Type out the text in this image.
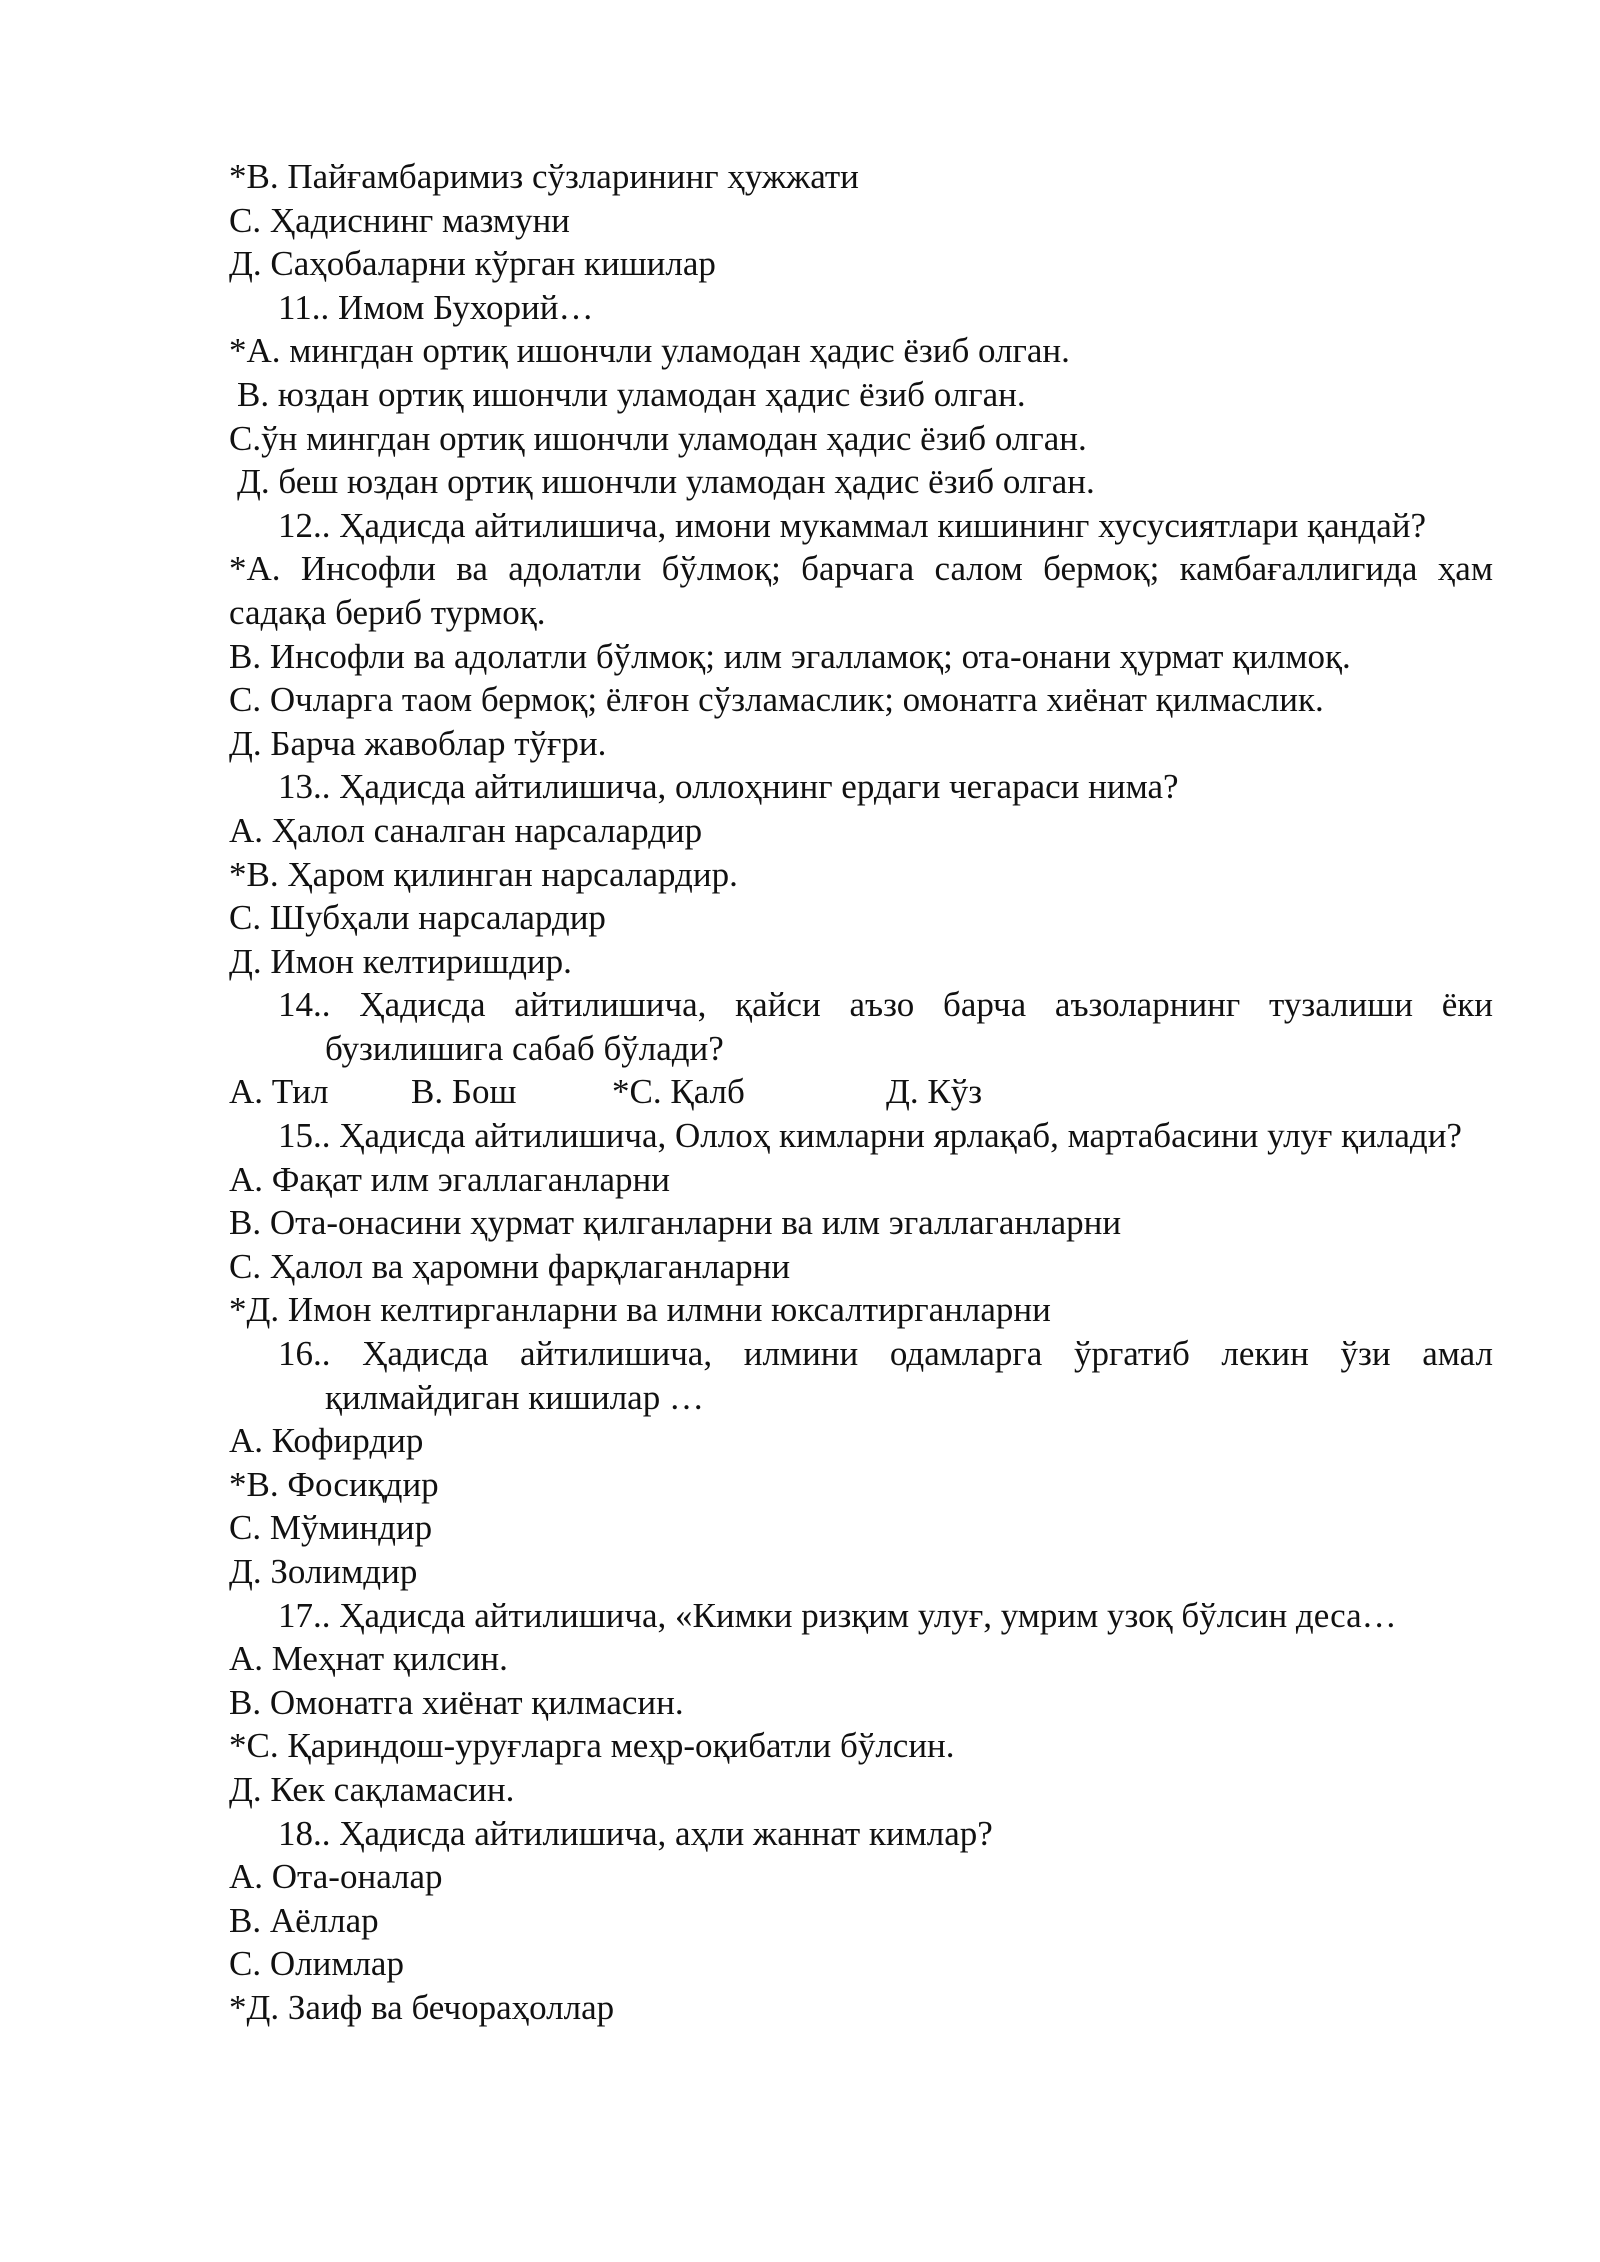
*В. Пайғамбаримиз сўзларининг ҳужжати
С. Ҳадиснинг мазмуни
Д. Саҳобаларни кўрган кишилар
11.. Имом Бухорий…
*А. мингдан ортиқ ишончли уламодан ҳадис ёзиб олган.
В. юздан ортиқ ишончли уламодан ҳадис ёзиб олган.
С.ўн мингдан ортиқ ишончли уламодан ҳадис ёзиб олган.
Д. беш юздан ортиқ ишончли уламодан ҳадис ёзиб олган.
12.. Ҳадисда айтилишича, имони мукаммал кишининг хусусиятлари қандай?
*А. Инсофли ва адолатли бўлмоқ; барчага салом бермоқ; камбағаллигида ҳам садақа бериб турмоқ.
В. Инсофли ва адолатли бўлмоқ; илм эгалламоқ; ота-онани ҳурмат қилмоқ.
С. Очларга таом бермоқ; ёлғон сўзламаслик; омонатга хиёнат қилмаслик.
Д. Барча жавоблар тўғри.
13.. Ҳадисда айтилишича, оллоҳнинг ердаги чегараси нима?
А. Ҳалол саналган нарсалардир
*В. Ҳаром қилинган нарсалардир.
С. Шубҳали нарсалардир
Д. Имон келтиришдир.
14.. Ҳадисда айтилишича, қайси аъзо барча аъзоларнинг тузалиши ёки бузилишига сабаб бўлади?
А. Тил	В. Бош	*С. Қалб	Д. Кўз
15.. Ҳадисда айтилишича, Оллоҳ кимларни ярлақаб, мартабасини улуғ қилади?
А. Фақат илм эгаллаганларни
В. Ота-онасини ҳурмат қилганларни ва илм эгаллаганларни
С. Ҳалол ва ҳаромни фарқлаганларни
*Д. Имон келтирганларни ва илмни юксалтирганларни
16.. Ҳадисда айтилишича, илмини одамларга ўргатиб лекин ўзи амал қилмайдиган кишилар …
А. Кофирдир
*В. Фосиқдир
С. Мўминдир
Д. Золимдир
17.. Ҳадисда айтилишича, «Кимки ризқим улуғ, умрим узоқ бўлсин деса…
А. Меҳнат қилсин.
В. Омонатга хиёнат қилмасин.
*С. Қариндош-уруғларга меҳр-оқибатли бўлсин.
Д. Кек сақламасин.
18.. Ҳадисда айтилишича, аҳли жаннат кимлар?
А. Ота-оналар
В. Аёллар
С. Олимлар
*Д. Заиф ва бечораҳоллар
